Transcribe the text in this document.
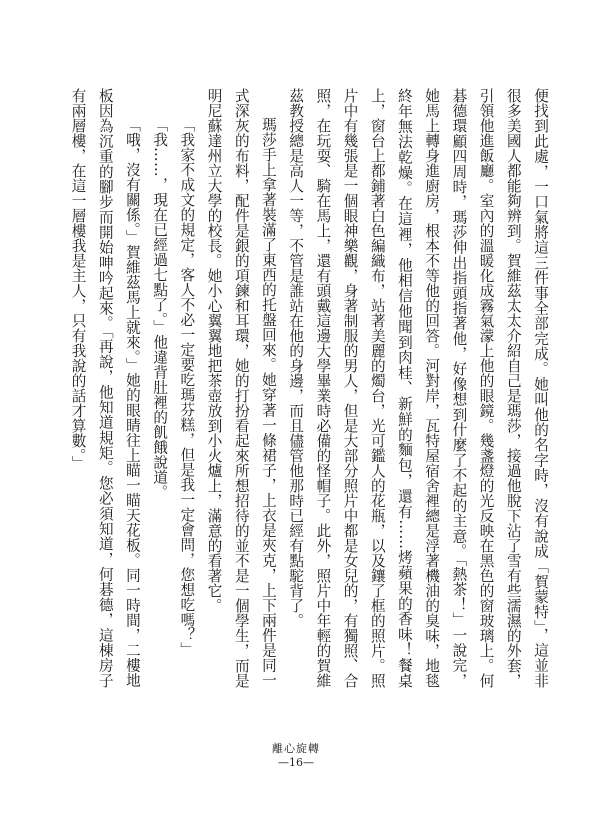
便找到此處，一口氣將這三件事全部完成。她叫他的名字時，沒有說成「賀蒙特」，這並非很多美國人都能夠辨到。賀維茲太太介紹自己是瑪莎，接過他脫下沾了雪有些濡濕的外套，引領他進飯廳。室內的溫暖化成霧氣濛上他的眼鏡。幾盞燈的光反映在黑色的窗玻璃上。何碁德環顧四周時，瑪莎伸出指頭指著他，好像想到什麼了不起的主意。「熱茶！」一說完，她馬上轉身進廚房，根本不等他的回答。河對岸，瓦特屋宿舍裡總是浮著機油的臭味，地毯終年無法乾燥。在這裡，他相信他聞到肉桂、新鮮的麵包，還有……烤蘋果的香味！餐桌上，窗台上都鋪著白色編織布，站著美麗的燭台，光可鑑人的花瓶，以及鑲了框的照片。照片中有幾張是一個眼神樂觀，身著制服的男人，但是大部分照片中都是女兒的，有獨照、合照，在玩耍、騎在馬上，還有頭戴這邊大學畢業時必備的怪帽子。此外，照片中年輕的賀維茲教授總是高人一等，不管是誰站在他的身邊，而且儘管他那時已經有點駝背了。

瑪莎手上拿著裝滿了東西的托盤回來。她穿著一條裙子，上衣是夾克，上下兩件是同一式深灰的布料，配件是銀的項鍊和耳環，她的打扮看起來所想招待的並不是一個學生，而是明尼蘇達州立大學的校長。她小心翼翼地把茶壺放到小火爐上，滿意的看著它。

「我家不成文的規定，客人不必一定要吃瑪芬糕，但是我一定會問，您想吃嗎？」

「我……，現在已經過七點了。」他違背肚裡的飢餓說道。

「哦，沒有關係。」賀維茲馬上就來。」她的眼睛往上瞄一瞄天花板。同一時間，二樓地板因為沉重的腳步而開始呻吟起來。「再說，他知道規矩。您必須知道，何碁德，這棟房子有兩層樓，在這一層樓我是主人，只有我說的話才算數。」

離心旋轉
—16—
